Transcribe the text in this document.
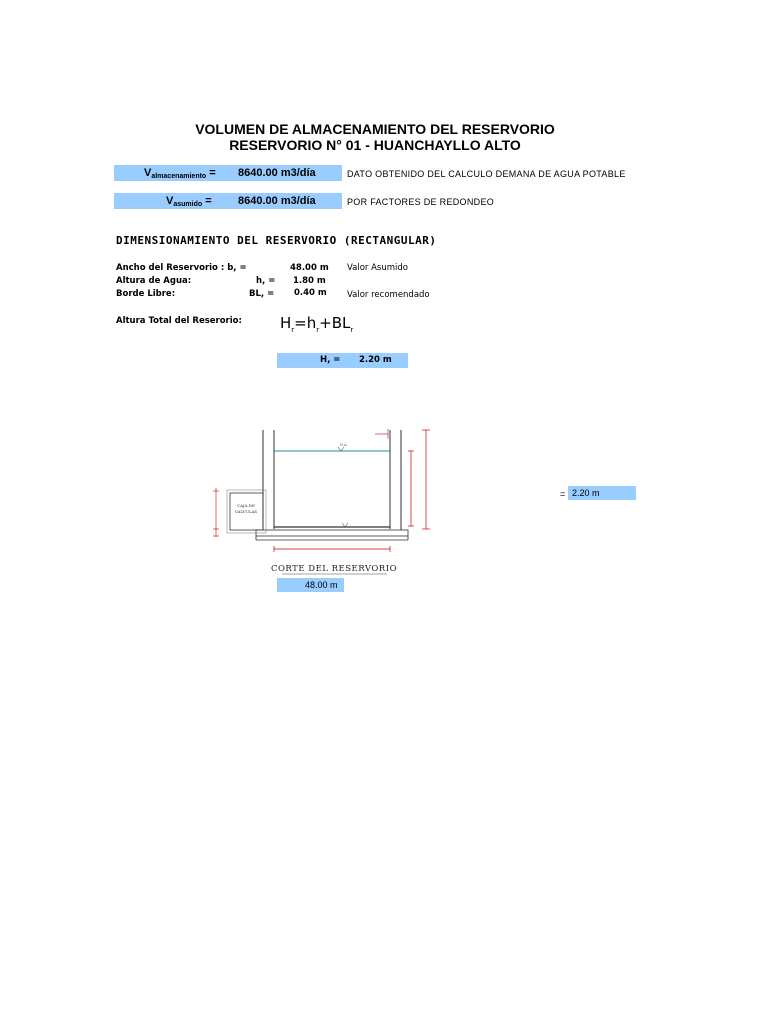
VOLUMEN DE ALMACENAMIENTO DEL RESERVORIO
RESERVORIO N° 01 - HUANCHAYLLO ALTO
$V_{almacenamiento} = 8640.00$ m3/día	DATO OBTENIDO DEL CALCULO DEMANA DE AGUA POTABLE
$V_{asumido} = 8640.00$ m3/día	POR FACTORES DE REDONDEO
DIMENSIONAMIENTO DEL RESERVORIO (RECTANGULAR)
Ancho del Reservorio : b, =	48.00 m Valor Asumido
Altura de Agua:	h, = 1.80 m
Borde Libre:	BL, = 0.40 m Valor recomendado
Altura Total del Reserorio:	$H_r=h_r+BL_r$
H, = 2.20 m
N.A.
CAJA DE
VALVULAS
CORTE DEL RESERVORIO
= 2.20 m
48.00 m
